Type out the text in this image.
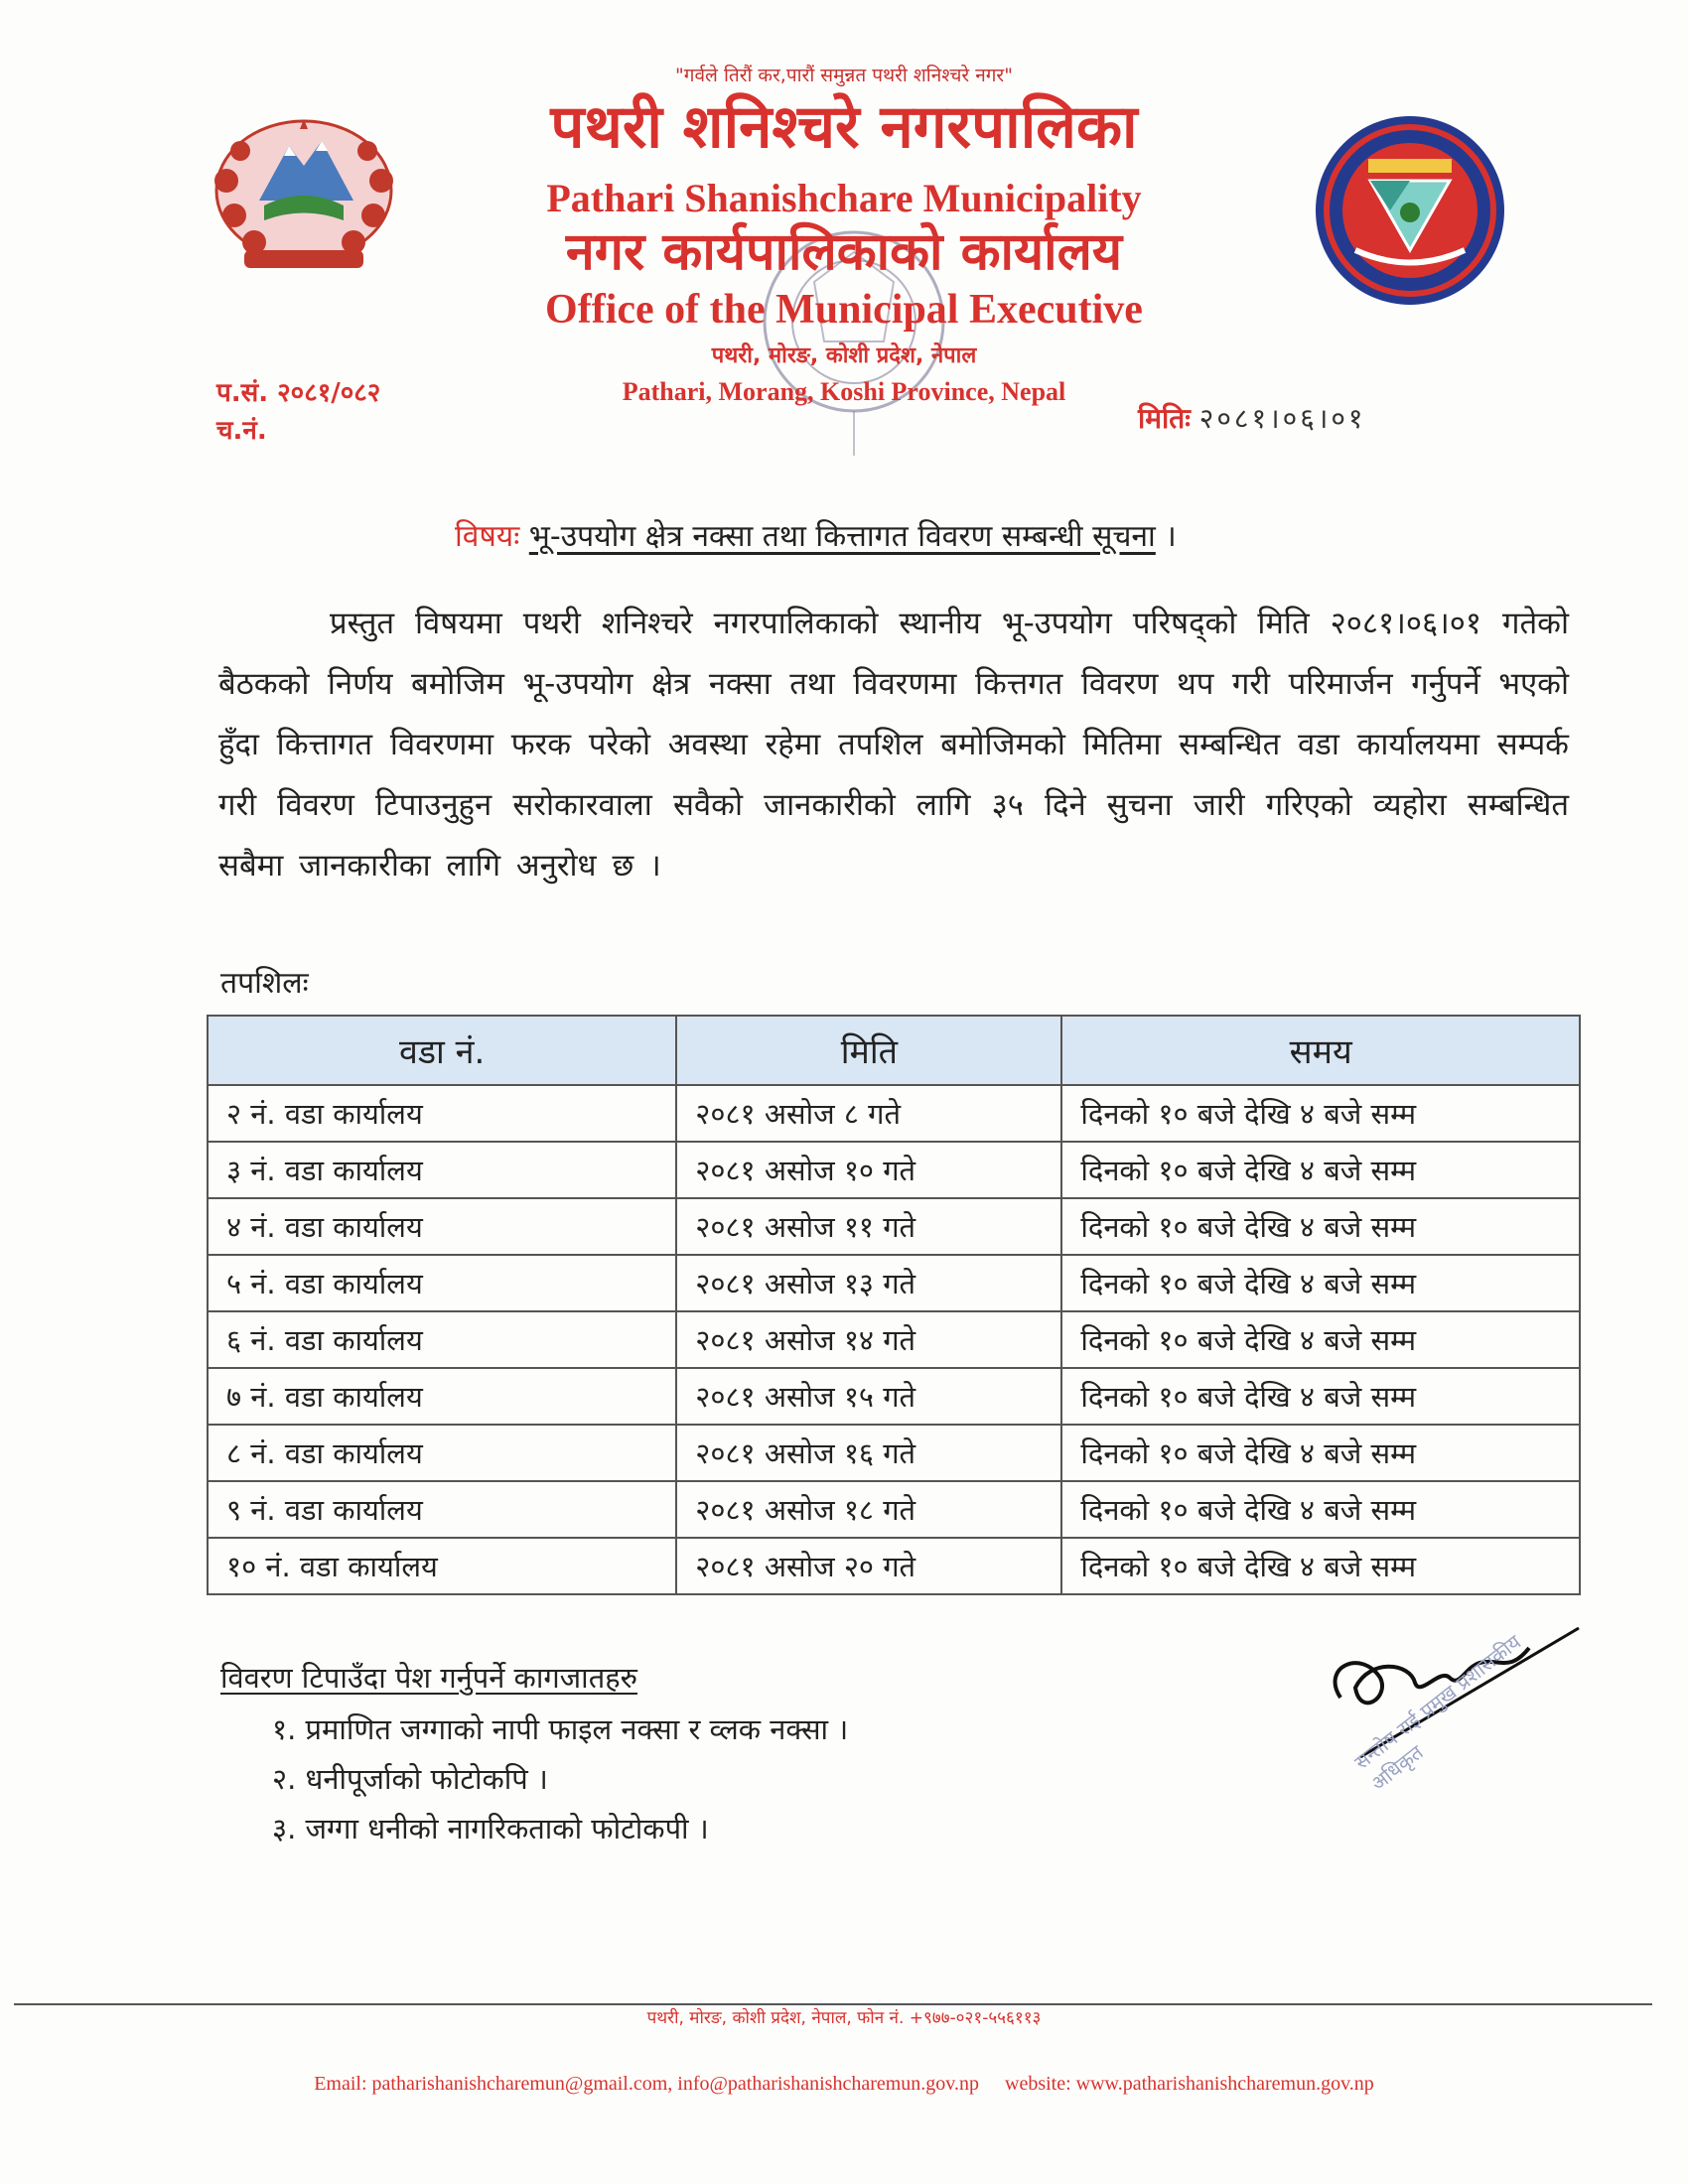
"गर्वले तिरौं कर,पारौं समुन्नत पथरी शनिश्चरे नगर"
पथरी शनिश्चरे नगरपालिका
Pathari Shanishchare Municipality
नगर कार्यपालिकाको कार्यालय
Office of the Municipal Executive
पथरी, मोरङ, कोशी प्रदेश, नेपाल
Pathari, Morang, Koshi Province, Nepal
प.सं. २०८१/०८२
च.नं.	मितिः २०८१।०६।०१
विषयः भू-उपयोग क्षेत्र नक्सा तथा कित्तागत विवरण सम्बन्धी सूचना ।
प्रस्तुत विषयमा पथरी शनिश्चरे नगरपालिकाको स्थानीय भू-उपयोग परिषद्को मिति २०८१।०६।०१ गतेको बैठकको निर्णय बमोजिम भू-उपयोग क्षेत्र नक्सा तथा विवरणमा कित्तगत विवरण थप गरी परिमार्जन गर्नुपर्ने भएको हुँदा कित्तागत विवरणमा फरक परेको अवस्था रहेमा तपशिल बमोजिमको मितिमा सम्बन्धित वडा कार्यालयमा सम्पर्क गरी विवरण टिपाउनुहुन सरोकारवाला सवैको जानकारीको लागि ३५ दिने सुचना जारी गरिएको व्यहोरा सम्बन्धित सबैमा जानकारीका लागि अनुरोध छ ।
तपशिलः
वडा नं.	मिति	समय
२ नं. वडा कार्यालय	२०८१ असोज ८ गते	दिनको १० बजे देखि ४ बजे सम्म
३ नं. वडा कार्यालय	२०८१ असोज १० गते	दिनको १० बजे देखि ४ बजे सम्म
४ नं. वडा कार्यालय	२०८१ असोज ११ गते	दिनको १० बजे देखि ४ बजे सम्म
५ नं. वडा कार्यालय	२०८१ असोज १३ गते	दिनको १० बजे देखि ४ बजे सम्म
६ नं. वडा कार्यालय	२०८१ असोज १४ गते	दिनको १० बजे देखि ४ बजे सम्म
७ नं. वडा कार्यालय	२०८१ असोज १५ गते	दिनको १० बजे देखि ४ बजे सम्म
८ नं. वडा कार्यालय	२०८१ असोज १६ गते	दिनको १० बजे देखि ४ बजे सम्म
९ नं. वडा कार्यालय	२०८१ असोज १८ गते	दिनको १० बजे देखि ४ बजे सम्म
१० नं. वडा कार्यालय	२०८१ असोज २० गते	दिनको १० बजे देखि ४ बजे सम्म
विवरण टिपाउँदा पेश गर्नुपर्ने कागजातहरु
१. प्रमाणित जग्गाको नापी फाइल नक्सा र व्लक नक्सा ।
२. धनीपूर्जाको फोटोकपि ।
३. जग्गा धनीको नागरिकताको फोटोकपी ।
सन्तोष राई प्रमुख प्रशासकीय अधिकृत
पथरी, मोरङ, कोशी प्रदेश, नेपाल, फोन नं. +९७७-०२१-५५६११३
Email: patharishanishcharemun@gmail.com, info@patharishanishcharemun.gov.np website: www.patharishanishcharemun.gov.np
